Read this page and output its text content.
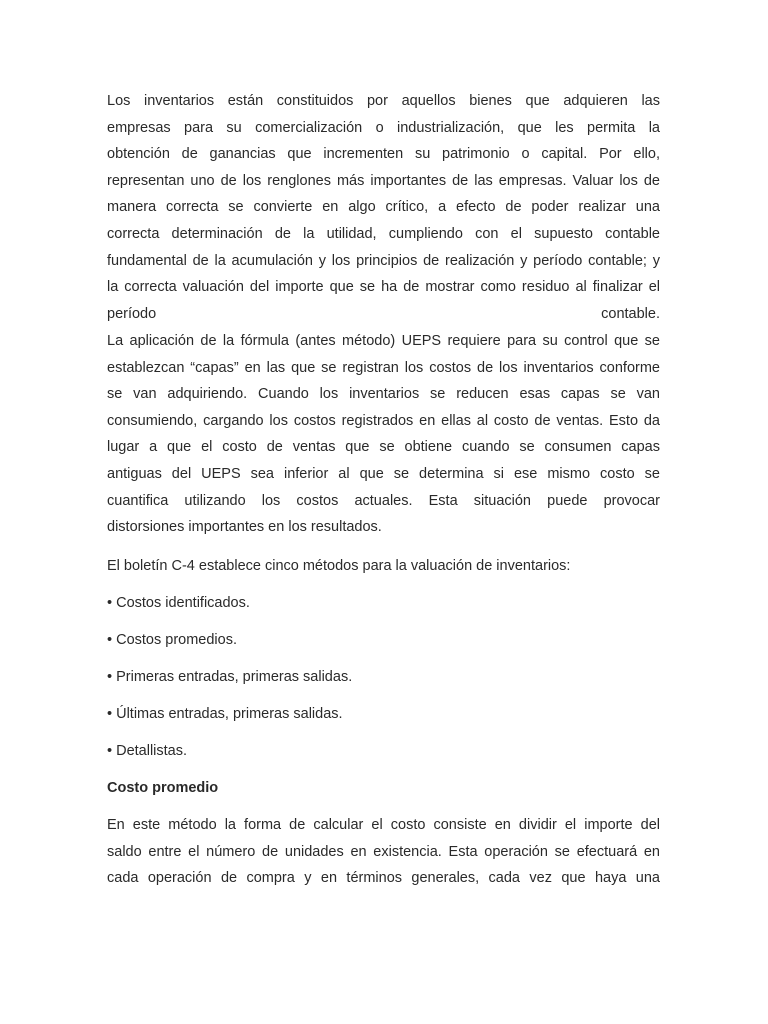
Los inventarios están constituidos por aquellos bienes que adquieren las
empresas para su comercialización o industrialización, que les permita la
obtención de ganancias que incrementen su patrimonio o capital. Por ello,
representan uno de los renglones más importantes de las empresas. Valuar los de
manera correcta se convierte en algo crítico, a efecto de poder realizar una
correcta determinación de la utilidad, cumpliendo con el supuesto contable
fundamental de la acumulación y los principios de realización y período contable; y
la correcta valuación del importe que se ha de mostrar como residuo al finalizar el
período contable.
La aplicación de la fórmula (antes método) UEPS requiere para su control que se
establezcan “capas” en las que se registran los costos de los inventarios conforme
se van adquiriendo. Cuando los inventarios se reducen esas capas se van
consumiendo, cargando los costos registrados en ellas al costo de ventas. Esto da
lugar a que el costo de ventas que se obtiene cuando se consumen capas
antiguas del UEPS sea inferior al que se determina si ese mismo costo se
cuantifica utilizando los costos actuales. Esta situación puede provocar
distorsiones importantes en los resultados.
El boletín C-4 establece cinco métodos para la valuación de inventarios:
• Costos identificados.
• Costos promedios.
• Primeras entradas, primeras salidas.
• Últimas entradas, primeras salidas.
• Detallistas.
Costo promedio
En este método la forma de calcular el costo consiste en dividir el importe del
saldo entre el número de unidades en existencia. Esta operación se efectuará en
cada operación de compra y en términos generales, cada vez que haya una
